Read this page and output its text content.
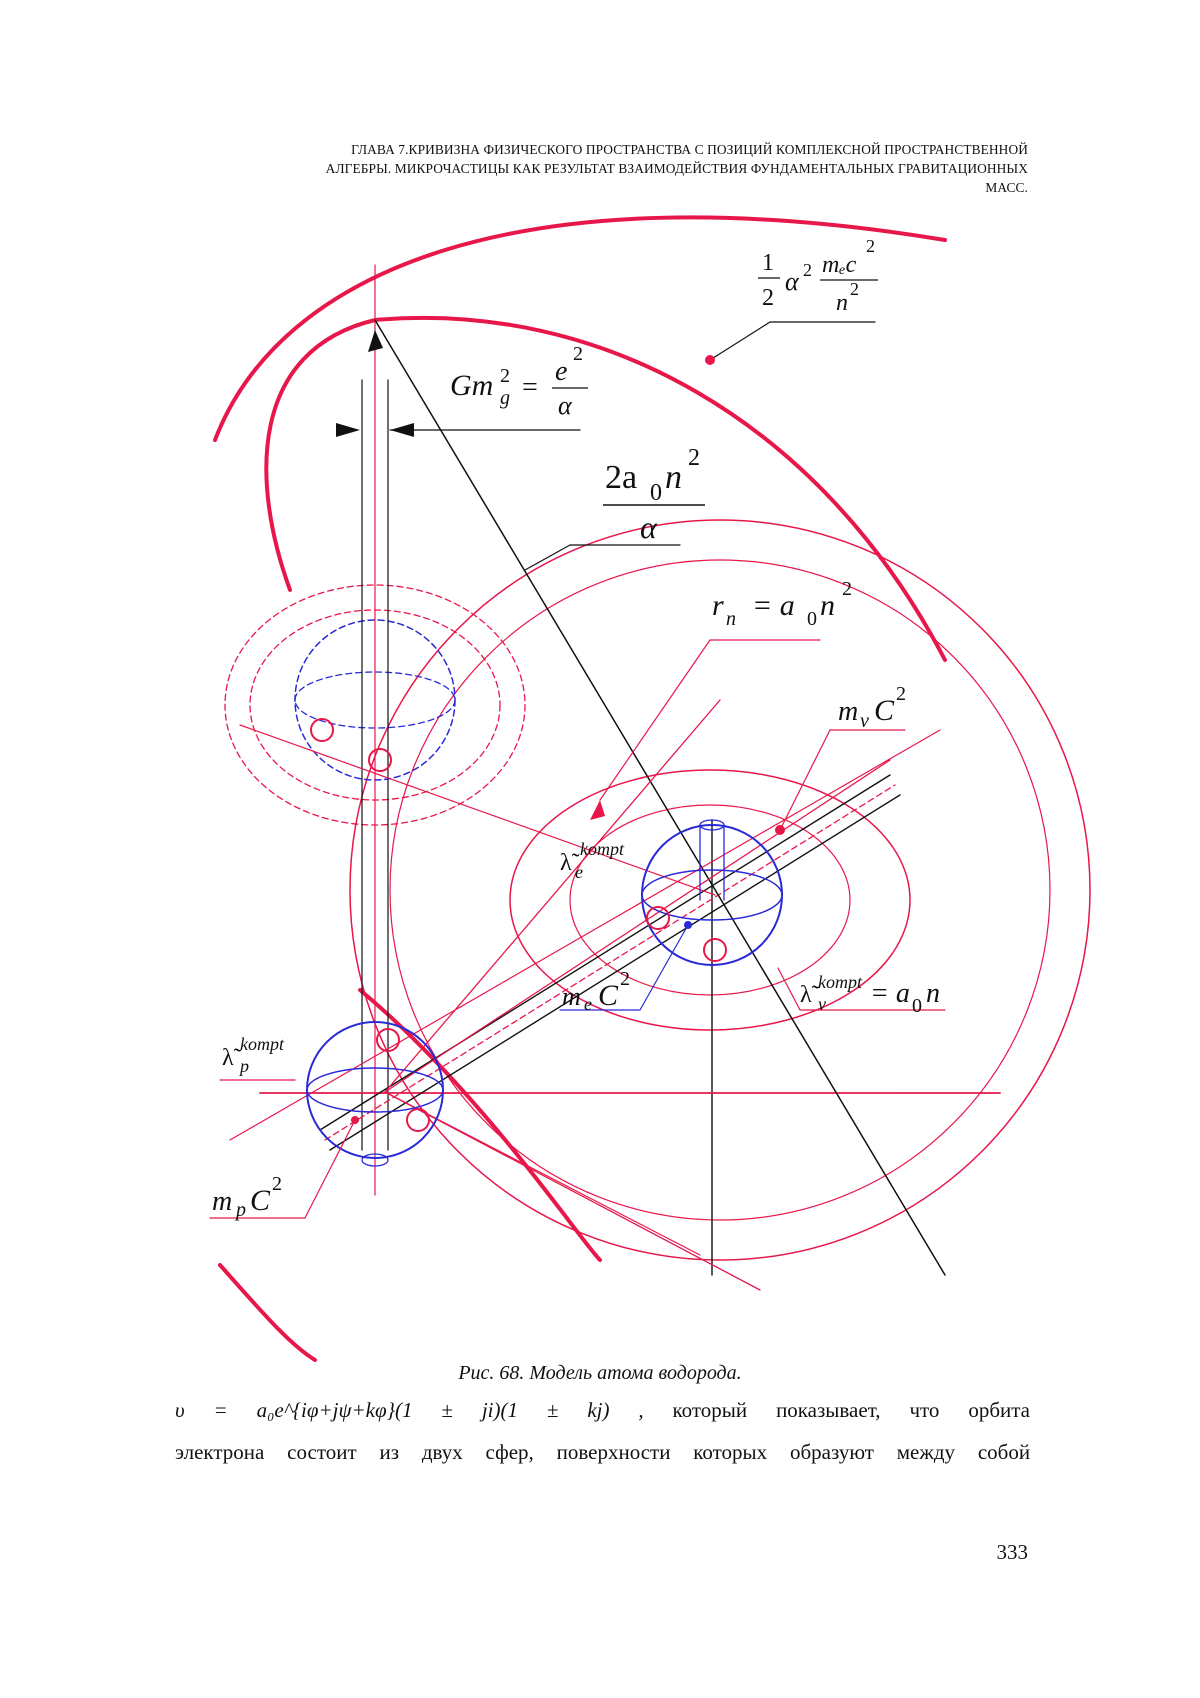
ГЛАВА 7.КРИВИЗНА ФИЗИЧЕСКОГО ПРОСТРАНСТВА С ПОЗИЦИЙ КОМПЛЕКСНОЙ ПРОСТРАНСТВЕННОЙ
АЛГЕБРЫ. МИКРОЧАСТИЦЫ КАК РЕЗУЛЬТАТ ВЗАИМОДЕЙСТВИЯ ФУНДАМЕНТАЛЬНЫХ ГРАВИТАЦИОННЫХ
МАСС.
1
2
α 2 mₑc
2
n
2
Gm g
2 =
e
2
α
2a 0 n
2
α
r n = a 0 n 2
m ν C 2
λ̃ e
kompt
λ̃ v
kompt = a 0 n
m e C 2
λ̃ p
kompt
m p C 2
Рис. 68. Модель атома водорода.
υ = a₀e^{iφ+jψ+kφ}(1 ± ji)(1 ± kj) , который показывает, что орбита
электрона состоит из двух сфер, поверхности которых образуют между собой
333
